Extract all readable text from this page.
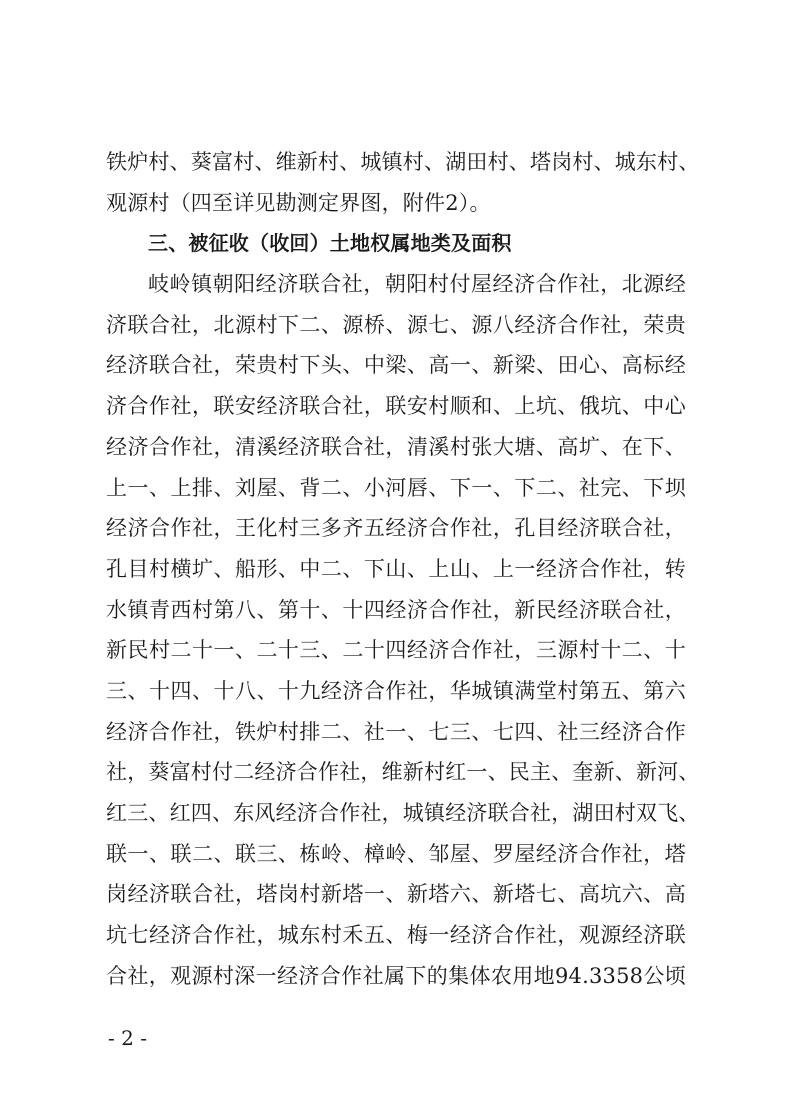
铁炉村、葵富村、维新村、城镇村、湖田村、塔岗村、城东村、
观源村（四至详见勘测定界图，附件2）。
三、被征收（收回）土地权属地类及面积
岐岭镇朝阳经济联合社，朝阳村付屋经济合作社，北源经
济联合社，北源村下二、源桥、源七、源八经济合作社，荣贵
经济联合社，荣贵村下头、中梁、高一、新梁、田心、高标经
济合作社，联安经济联合社，联安村顺和、上坑、俄坑、中心
经济合作社，清溪经济联合社，清溪村张大塘、高圹、在下、
上一、上排、刘屋、背二、小河唇、下一、下二、社完、下坝
经济合作社，王化村三多齐五经济合作社，孔目经济联合社，
孔目村横圹、船形、中二、下山、上山、上一经济合作社，转
水镇青西村第八、第十、十四经济合作社，新民经济联合社，
新民村二十一、二十三、二十四经济合作社，三源村十二、十
三、十四、十八、十九经济合作社，华城镇满堂村第五、第六
经济合作社，铁炉村排二、社一、七三、七四、社三经济合作
社，葵富村付二经济合作社，维新村红一、民主、奎新、新河、
红三、红四、东风经济合作社，城镇经济联合社，湖田村双飞、
联一、联二、联三、栋岭、樟岭、邹屋、罗屋经济合作社，塔
岗经济联合社，塔岗村新塔一、新塔六、新塔七、高坑六、高
坑七经济合作社，城东村禾五、梅一经济合作社，观源经济联
合社，观源村深一经济合作社属下的集体农用地94.3358公顷
- 2 -
